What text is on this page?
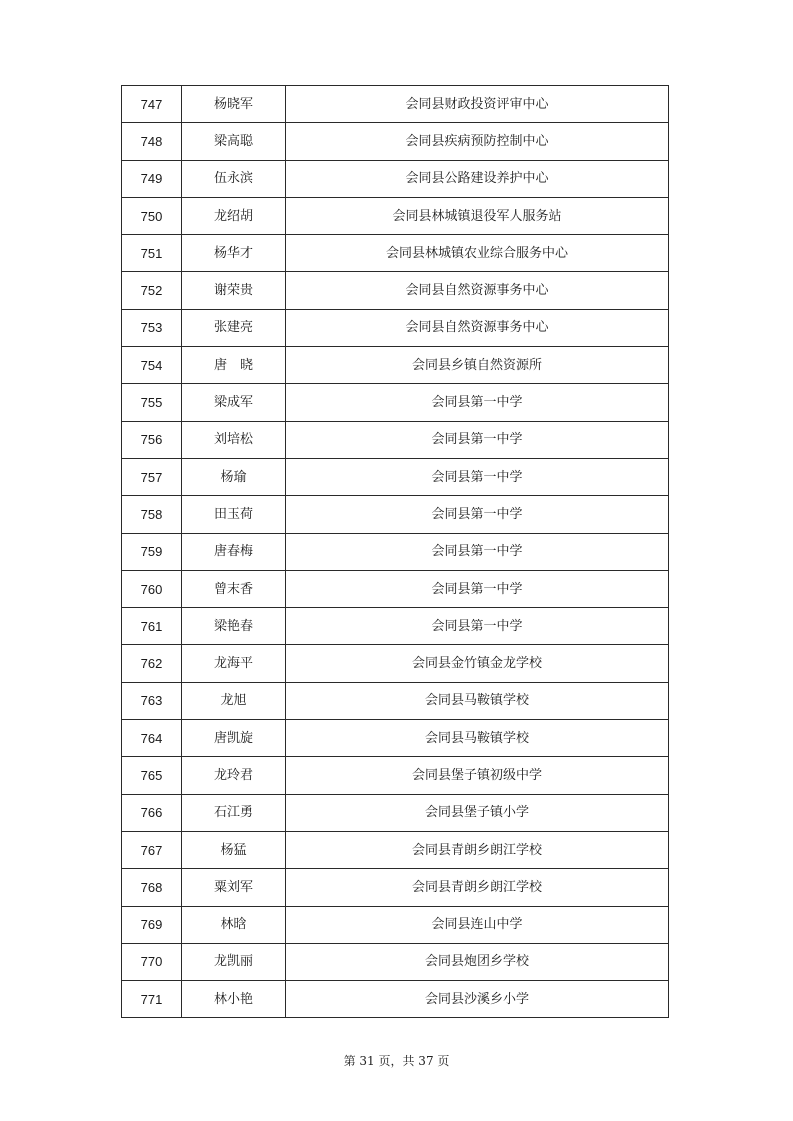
747	杨晓军	会同县财政投资评审中心
748	梁高聪	会同县疾病预防控制中心
749	伍永滨	会同县公路建设养护中心
750	龙绍胡	会同县林城镇退役军人服务站
751	杨华才	会同县林城镇农业综合服务中心
752	谢荣贵	会同县自然资源事务中心
753	张建亮	会同县自然资源事务中心
754	唐　晓	会同县乡镇自然资源所
755	梁成军	会同县第一中学
756	刘培松	会同县第一中学
757	杨瑜	会同县第一中学
758	田玉荷	会同县第一中学
759	唐春梅	会同县第一中学
760	曾末香	会同县第一中学
761	梁艳春	会同县第一中学
762	龙海平	会同县金竹镇金龙学校
763	龙旭	会同县马鞍镇学校
764	唐凯旋	会同县马鞍镇学校
765	龙玲君	会同县堡子镇初级中学
766	石江勇	会同县堡子镇小学
767	杨猛	会同县青朗乡朗江学校
768	粟刘军	会同县青朗乡朗江学校
769	林晗	会同县连山中学
770	龙凯丽	会同县炮团乡学校
771	林小艳	会同县沙溪乡小学
第 31 页，共 37 页
